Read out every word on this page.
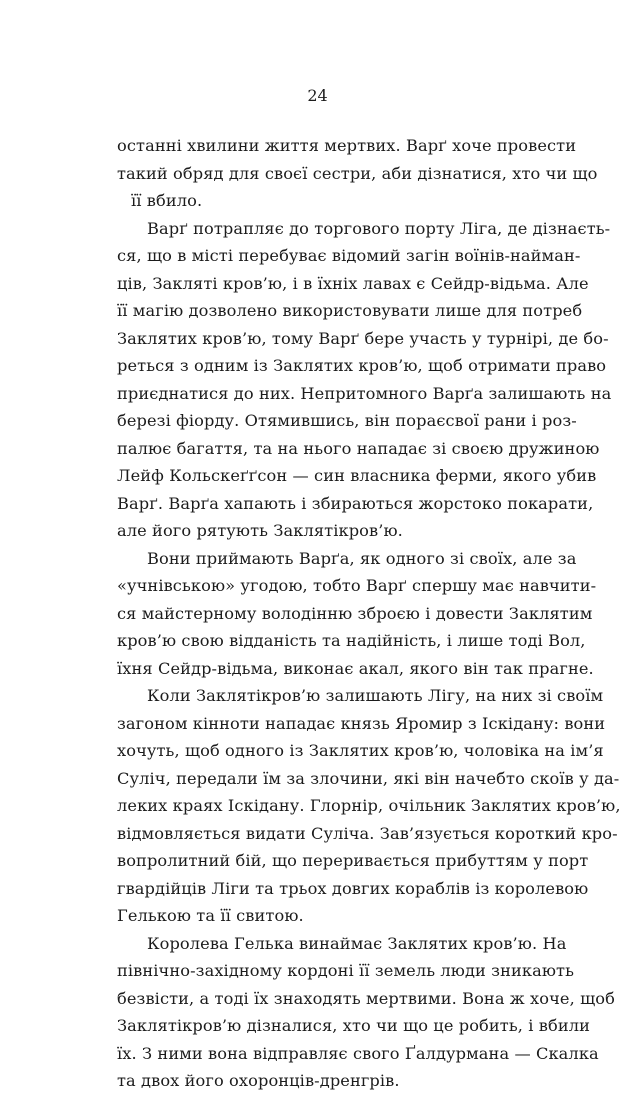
24
останні хвилини життя мертвих. Варґ хоче провести
такий обряд для своєї сестри, аби дізнатися, хто чи що
її вбило.
Варґ потрапляє до торгового порту Ліга, де дізнаєть-
ся, що в місті перебуває відомий загін воїнів-найман-
ців, Закляті кров’ю, і в їхніх лавах є Сейдр-відьма. Але
її магію дозволено використовувати лише для потреб
Заклятих кров’ю, тому Варґ бере участь у турнірі, де бо-
реться з одним із Заклятих кров’ю, щоб отримати право
приєднатися до них. Непритомного Варґа залишають на
березі фіорду. Отямившись, він пораєсвої рани і роз-
палює багаття, та на нього нападає зі своєю дружиною
Лейф Кольскеґґсон — син власника ферми, якого убив
Варґ. Варґа хапають і збираються жорстоко покарати,
але його рятують Заклятікров’ю.
Вони приймають Варґа, як одного зі своїх, але за
«учнівською» угодою, тобто Варґ спершу має навчити-
ся майстерному володінню зброєю і довести Заклятим
кров’ю свою відданість та надійність, і лише тоді Вол,
їхня Сейдр-відьма, виконає акал, якого він так прагне.
Коли Заклятікров’ю залишають Лігу, на них зі своїм
загоном кінноти нападає князь Яромир з Іскідану: вони
хочуть, щоб одного із Заклятих кров’ю, чоловіка на ім’я
Суліч, передали їм за злочини, які він начебто скоїв у да-
леких краях Іскідану. Глорнір, очільник Заклятих кров’ю,
відмовляється видати Суліча. Зав’язується короткий кро-
вопролитний бій, що переривається прибуттям у порт
гвардійців Ліги та трьох довгих кораблів із королевою
Гелькою та її свитою.
Королева Гелька винаймає Заклятих кров’ю. На
північно-західному кордоні її земель люди зникають
безвісти, а тоді їх знаходять мертвими. Вона ж хоче, щоб
Заклятікров’ю дізналися, хто чи що це робить, і вбили
їх. З ними вона відправляє свого Ґалдурмана — Скалка
та двох його охоронців-дренгрів.
